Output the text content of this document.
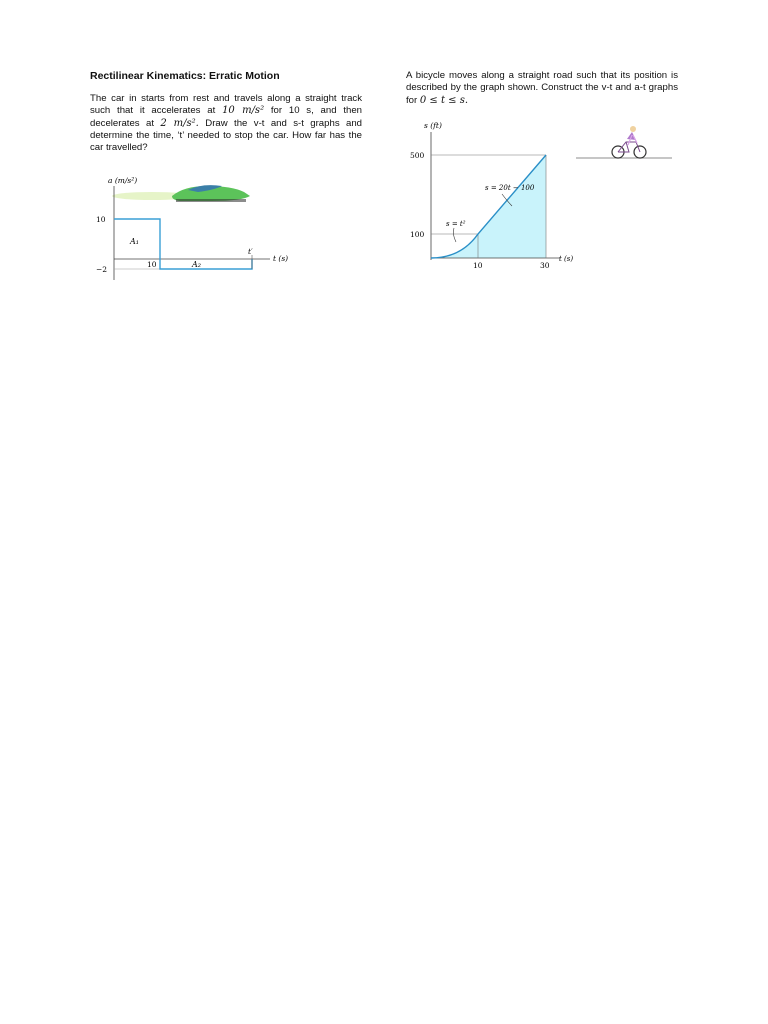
Rectilinear Kinematics: Erratic Motion

The car in starts from rest and travels along a straight track such that it accelerates at 10 m/s² for 10 s, and then decelerates at 2 m/s². Draw the v-t and s-t graphs and determine the time, ‘t’ needed to stop the car. How far has the car travelled?

a (m/s²)
10
−2
10
t′
t (s)
A₁
A₂

A bicycle moves along a straight road such that its position is described by the graph shown. Construct the v-t and a-t graphs for 0 ≤ t ≤ s.

s (ft)
500
100
10	30
t (s)
s = 20t − 100
s = t²
